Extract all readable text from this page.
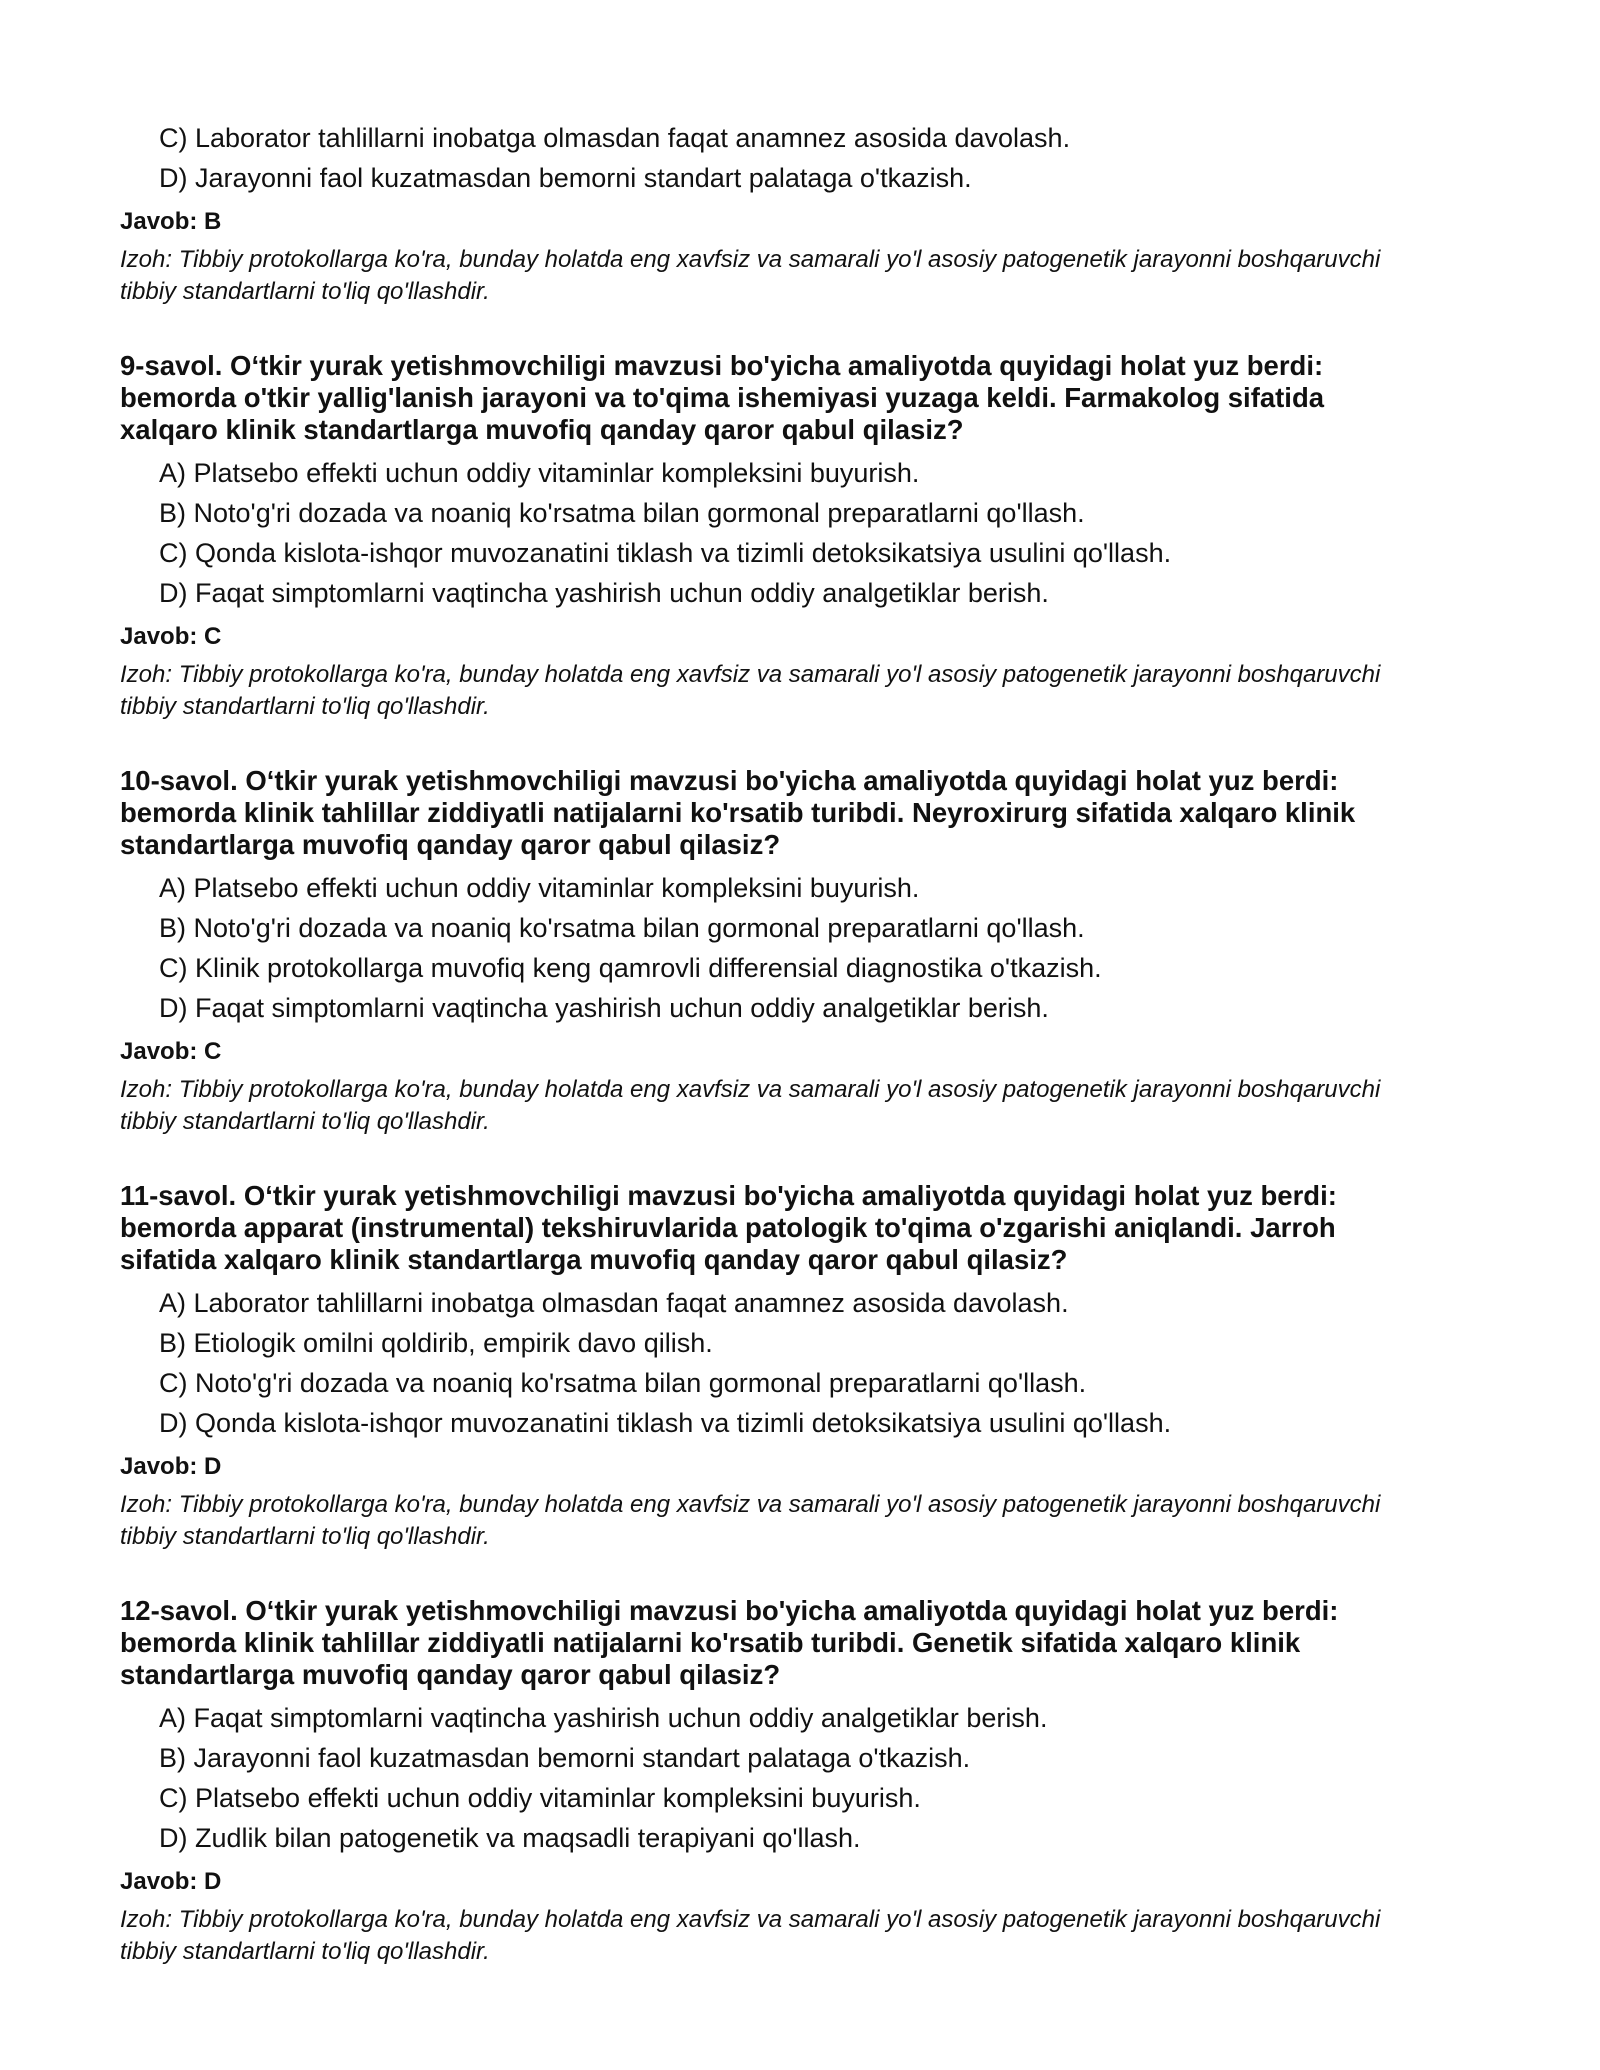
C) Laborator tahlillarni inobatga olmasdan faqat anamnez asosida davolash.
D) Jarayonni faol kuzatmasdan bemorni standart palataga o'tkazish.
Javob: B
Izoh: Tibbiy protokollarga ko'ra, bunday holatda eng xavfsiz va samarali yo'l asosiy patogenetik jarayonni boshqaruvchi tibbiy standartlarni to'liq qo'llashdir.
9-savol. O‘tkir yurak yetishmovchiligi mavzusi bo'yicha amaliyotda quyidagi holat yuz berdi: bemorda o'tkir yallig'lanish jarayoni va to'qima ishemiyasi yuzaga keldi. Farmakolog sifatida xalqaro klinik standartlarga muvofiq qanday qaror qabul qilasiz?
A) Platsebo effekti uchun oddiy vitaminlar kompleksini buyurish.
B) Noto'g'ri dozada va noaniq ko'rsatma bilan gormonal preparatlarni qo'llash.
C) Qonda kislota-ishqor muvozanatini tiklash va tizimli detoksikatsiya usulini qo'llash.
D) Faqat simptomlarni vaqtincha yashirish uchun oddiy analgetiklar berish.
Javob: C
Izoh: Tibbiy protokollarga ko'ra, bunday holatda eng xavfsiz va samarali yo'l asosiy patogenetik jarayonni boshqaruvchi tibbiy standartlarni to'liq qo'llashdir.
10-savol. O‘tkir yurak yetishmovchiligi mavzusi bo'yicha amaliyotda quyidagi holat yuz berdi: bemorda klinik tahlillar ziddiyatli natijalarni ko'rsatib turibdi. Neyroxirurg sifatida xalqaro klinik standartlarga muvofiq qanday qaror qabul qilasiz?
A) Platsebo effekti uchun oddiy vitaminlar kompleksini buyurish.
B) Noto'g'ri dozada va noaniq ko'rsatma bilan gormonal preparatlarni qo'llash.
C) Klinik protokollarga muvofiq keng qamrovli differensial diagnostika o'tkazish.
D) Faqat simptomlarni vaqtincha yashirish uchun oddiy analgetiklar berish.
Javob: C
Izoh: Tibbiy protokollarga ko'ra, bunday holatda eng xavfsiz va samarali yo'l asosiy patogenetik jarayonni boshqaruvchi tibbiy standartlarni to'liq qo'llashdir.
11-savol. O‘tkir yurak yetishmovchiligi mavzusi bo'yicha amaliyotda quyidagi holat yuz berdi: bemorda apparat (instrumental) tekshiruvlarida patologik to'qima o'zgarishi aniqlandi. Jarroh sifatida xalqaro klinik standartlarga muvofiq qanday qaror qabul qilasiz?
A) Laborator tahlillarni inobatga olmasdan faqat anamnez asosida davolash.
B) Etiologik omilni qoldirib, empirik davo qilish.
C) Noto'g'ri dozada va noaniq ko'rsatma bilan gormonal preparatlarni qo'llash.
D) Qonda kislota-ishqor muvozanatini tiklash va tizimli detoksikatsiya usulini qo'llash.
Javob: D
Izoh: Tibbiy protokollarga ko'ra, bunday holatda eng xavfsiz va samarali yo'l asosiy patogenetik jarayonni boshqaruvchi tibbiy standartlarni to'liq qo'llashdir.
12-savol. O‘tkir yurak yetishmovchiligi mavzusi bo'yicha amaliyotda quyidagi holat yuz berdi: bemorda klinik tahlillar ziddiyatli natijalarni ko'rsatib turibdi. Genetik sifatida xalqaro klinik standartlarga muvofiq qanday qaror qabul qilasiz?
A) Faqat simptomlarni vaqtincha yashirish uchun oddiy analgetiklar berish.
B) Jarayonni faol kuzatmasdan bemorni standart palataga o'tkazish.
C) Platsebo effekti uchun oddiy vitaminlar kompleksini buyurish.
D) Zudlik bilan patogenetik va maqsadli terapiyani qo'llash.
Javob: D
Izoh: Tibbiy protokollarga ko'ra, bunday holatda eng xavfsiz va samarali yo'l asosiy patogenetik jarayonni boshqaruvchi tibbiy standartlarni to'liq qo'llashdir.
